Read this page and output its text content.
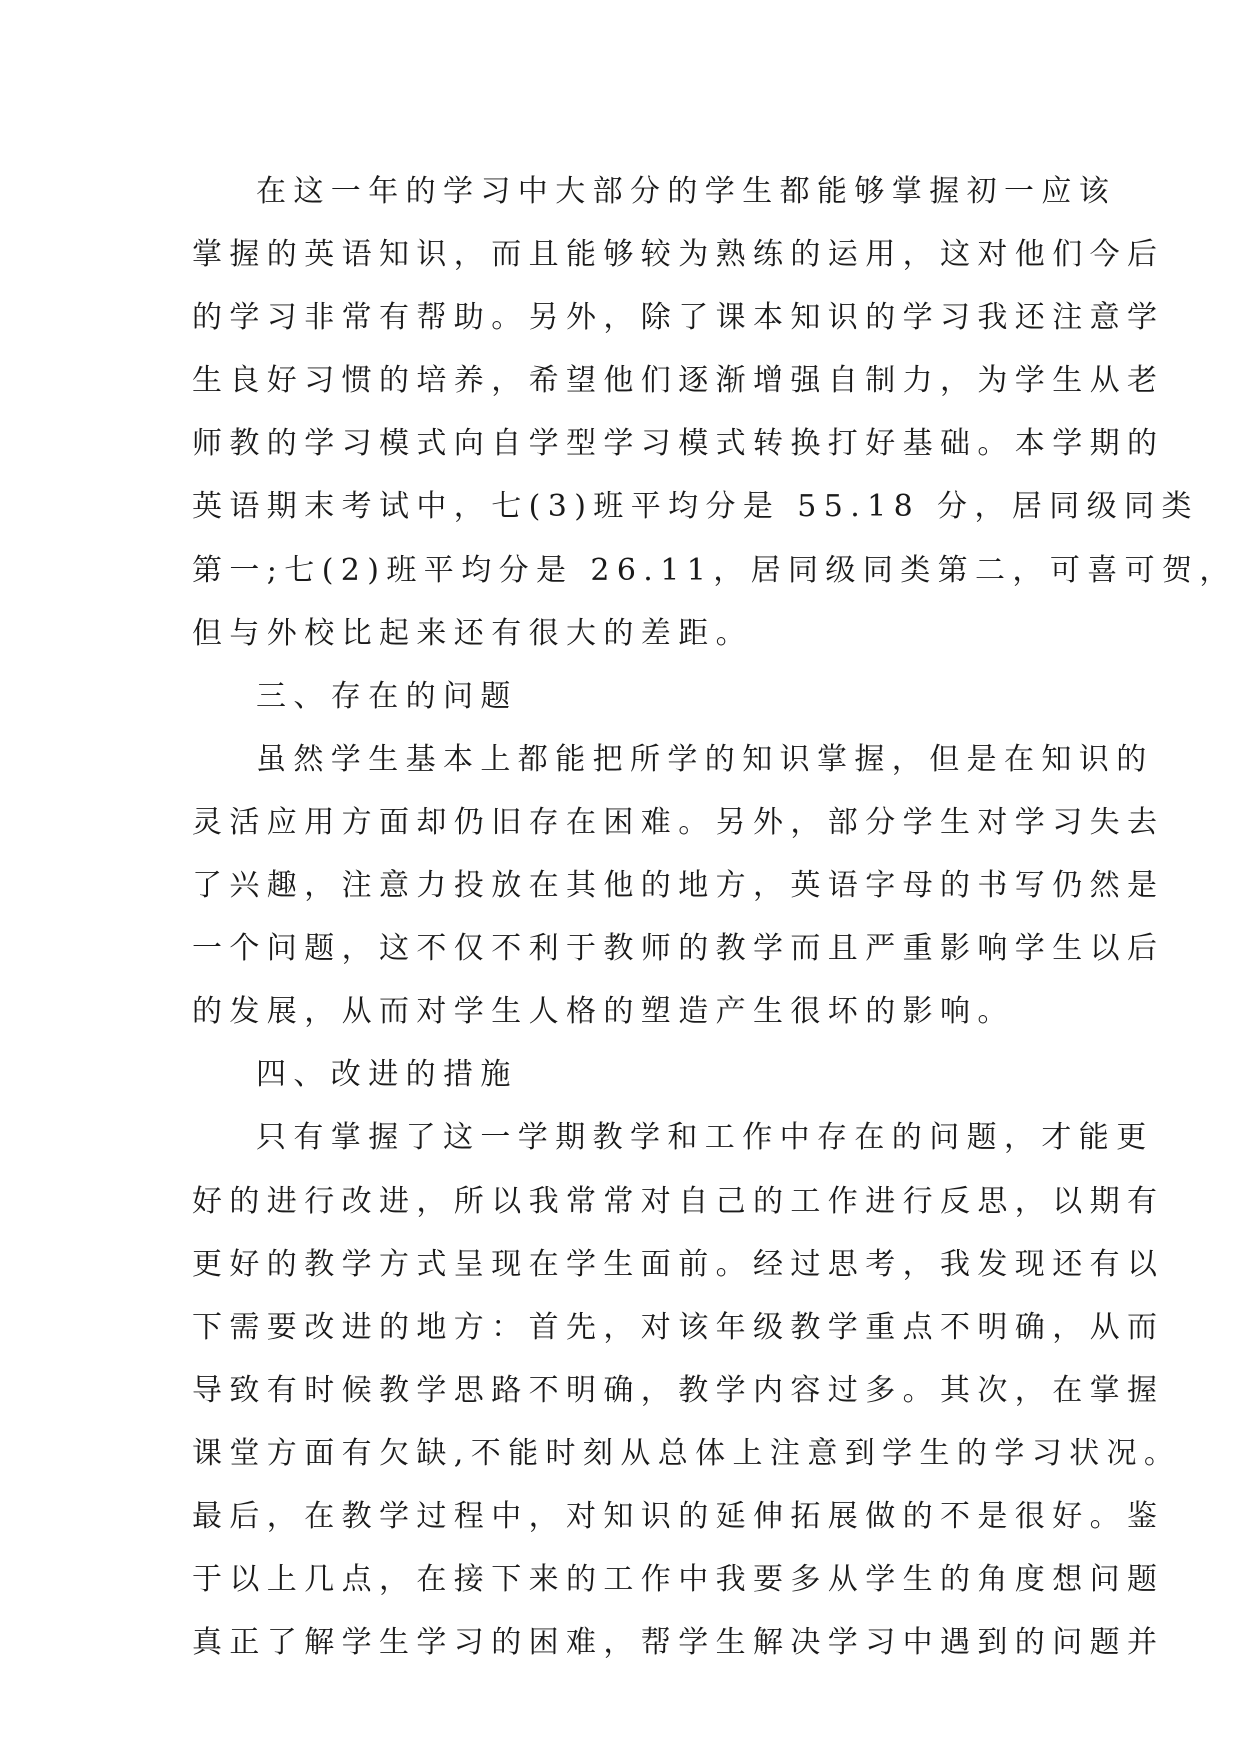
在这一年的学习中大部分的学生都能够掌握初一应该
掌握的英语知识，而且能够较为熟练的运用，这对他们今后
的学习非常有帮助。另外，除了课本知识的学习我还注意学
生良好习惯的培养，希望他们逐渐增强自制力，为学生从老
师教的学习模式向自学型学习模式转换打好基础。本学期的
英语期末考试中，七(3)班平均分是 55.18 分，居同级同类
第一;七(2)班平均分是 26.11，居同级同类第二，可喜可贺，
但与外校比起来还有很大的差距。
三、存在的问题
虽然学生基本上都能把所学的知识掌握，但是在知识的
灵活应用方面却仍旧存在困难。另外，部分学生对学习失去
了兴趣，注意力投放在其他的地方，英语字母的书写仍然是
一个问题，这不仅不利于教师的教学而且严重影响学生以后
的发展，从而对学生人格的塑造产生很坏的影响。
四、改进的措施
只有掌握了这一学期教学和工作中存在的问题，才能更
好的进行改进，所以我常常对自己的工作进行反思，以期有
更好的教学方式呈现在学生面前。经过思考，我发现还有以
下需要改进的地方：首先，对该年级教学重点不明确，从而
导致有时候教学思路不明确，教学内容过多。其次，在掌握
课堂方面有欠缺,不能时刻从总体上注意到学生的学习状况。
最后，在教学过程中，对知识的延伸拓展做的不是很好。鉴
于以上几点，在接下来的工作中我要多从学生的角度想问题
真正了解学生学习的困难，帮学生解决学习中遇到的问题并
